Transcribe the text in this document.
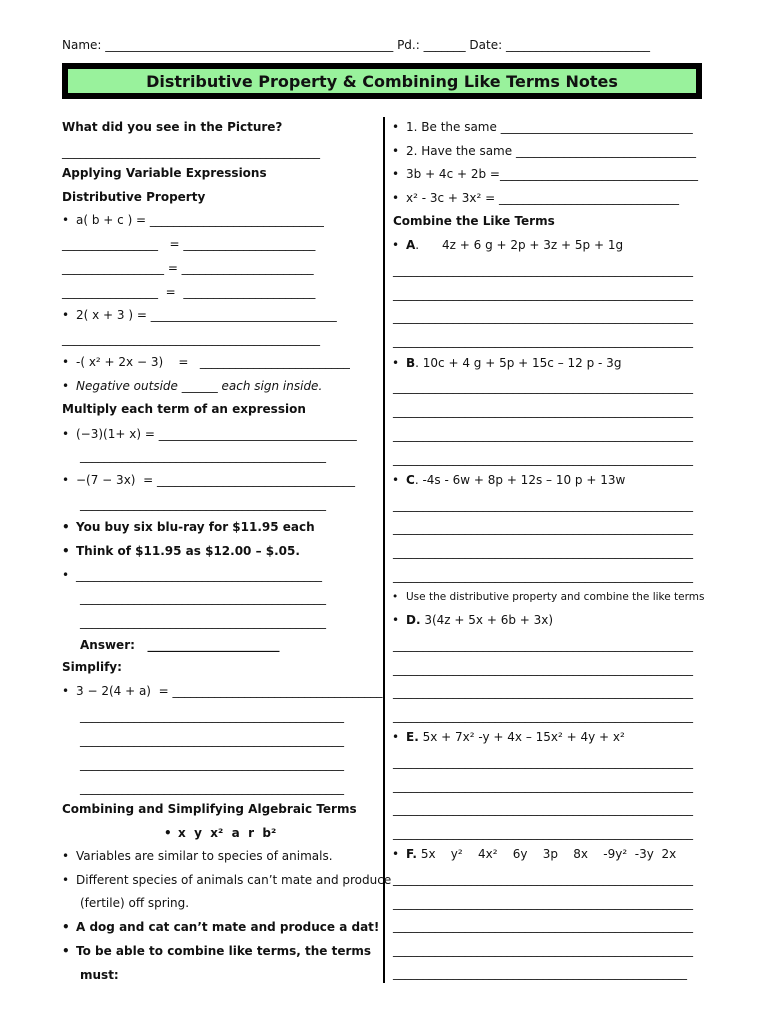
Name: ________________________________________________ Pd.: _______ Date: ________________________
Distributive Property & Combining Like Terms Notes
What did you see in the Picture?
___________________________________________
Applying Variable Expressions
Distributive Property
• a( b + c ) = _____________________________
________________   = ______________________
_________________ = ______________________
________________  =  ______________________
• 2( x + 3 ) = _______________________________
___________________________________________
• -( x² + 2x − 3)    =   _________________________
• Negative outside ______ each sign inside.
Multiply each term of an expression
• (−3)(1+ x) = _________________________________
_________________________________________
• −(7 − 3x)  = _________________________________
_________________________________________
• You buy six blu-ray for $11.95 each
• Think of $11.95 as $12.00 – $.05.
• _________________________________________
_________________________________________
_________________________________________
Answer:   ______________________
Simplify:
• 3 − 2(4 + a)  = ___________________________________
____________________________________________
____________________________________________
____________________________________________
____________________________________________
Combining and Simplifying Algebraic Terms
• x  y  x²  a  r  b²
• Variables are similar to species of animals.
• Different species of animals can’t mate and produce
(fertile) off spring.
• A dog and cat can’t mate and produce a dat!
• To be able to combine like terms, the terms
must:
• 1. Be the same ________________________________
• 2. Have the same ______________________________
• 3b + 4c + 2b =_________________________________
• x² - 3c + 3x² = ______________________________
Combine the Like Terms
• A.      4z + 6 g + 2p + 3z + 5p + 1g
__________________________________________________
__________________________________________________
__________________________________________________
__________________________________________________
• B. 10c + 4 g + 5p + 15c – 12 p - 3g
__________________________________________________
__________________________________________________
__________________________________________________
__________________________________________________
• C. -4s - 6w + 8p + 12s – 10 p + 13w
__________________________________________________
__________________________________________________
__________________________________________________
__________________________________________________
• Use the distributive property and combine the like terms
• D. 3(4z + 5x + 6b + 3x)
__________________________________________________
__________________________________________________
__________________________________________________
__________________________________________________
• E. 5x + 7x² -y + 4x – 15x² + 4y + x²
__________________________________________________
__________________________________________________
__________________________________________________
__________________________________________________
• F. 5x    y²    4x²    6y    3p    8x    -9y²  -3y  2x
__________________________________________________
__________________________________________________
__________________________________________________
__________________________________________________
_________________________________________________
